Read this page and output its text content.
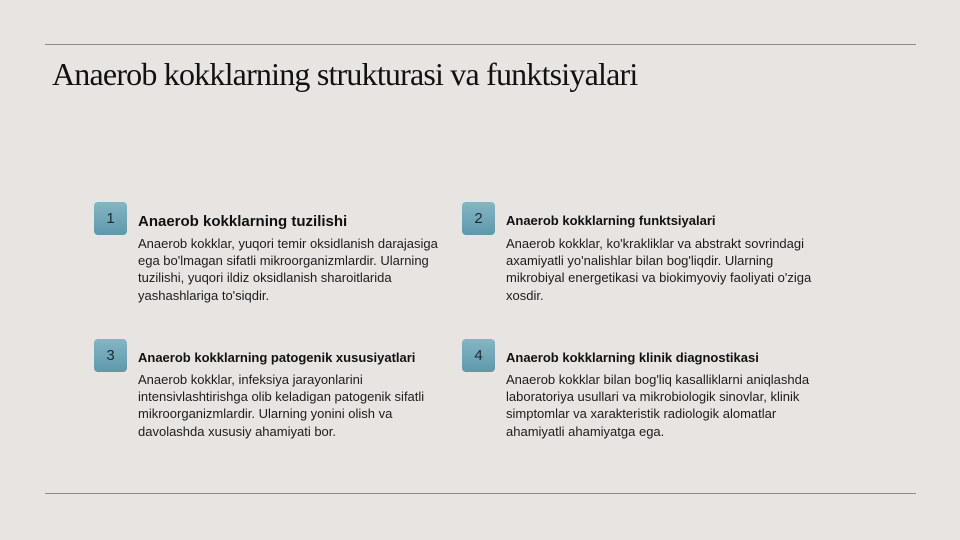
Anaerob kokklarning strukturasi va funktsiyalari
1	Anaerob kokklarning tuzilishi

Anaerob kokklar, yuqori temir oksidlanish darajasiga ega bo'lmagan sifatli mikroorganizmlardir. Ularning tuzilishi, yuqori ildiz oksidlanish sharoitlarida yashashlariga to'siqdir.

2	Anaerob kokklarning funktsiyalari

Anaerob kokklar, ko'krakliklar va abstrakt sovrindagi axamiyatli yo'nalishlar bilan bog'liqdir. Ularning mikrobiyal energetikasi va biokimyoviy faoliyati o'ziga xosdir.

3	Anaerob kokklarning patogenik xususiyatlari

Anaerob kokklar, infeksiya jarayonlarini intensivlashtirishga olib keladigan patogenik sifatli mikroorganizmlardir. Ularning yonini olish va davolashda xususiy ahamiyati bor.

4	Anaerob kokklarning klinik diagnostikasi

Anaerob kokklar bilan bog'liq kasalliklarni aniqlashda laboratoriya usullari va mikrobiologik sinovlar, klinik simptomlar va xarakteristik radiologik alomatlar ahamiyatli ahamiyatga ega.
